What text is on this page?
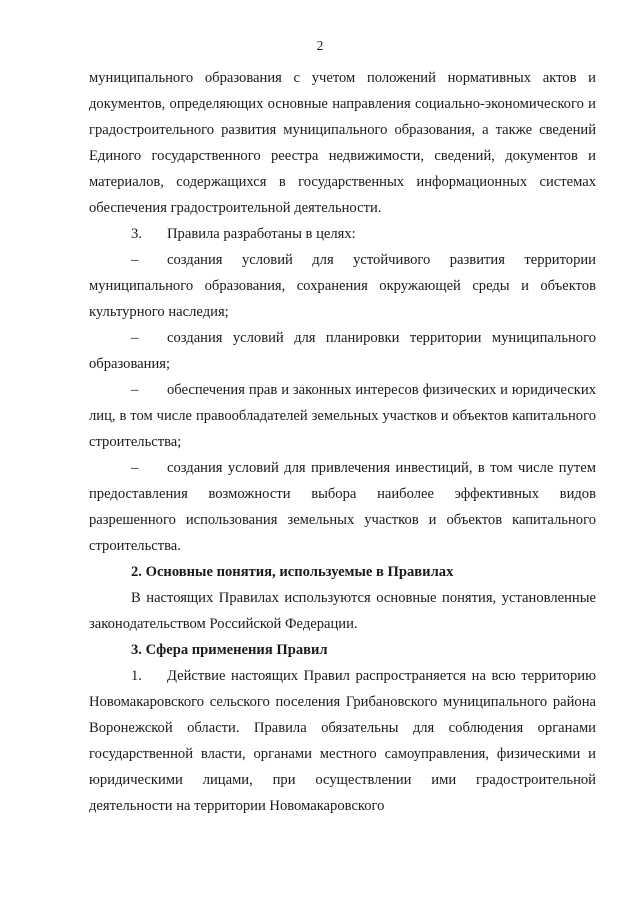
2

муниципального образования с учетом положений нормативных актов и документов, определяющих основные направления социально-экономического и градостроительного развития муниципального образования, а также сведений Единого государственного реестра недвижимости, сведений, документов и материалов, содержащихся в государственных информационных системах обеспечения градостроительной деятельности.

3. Правила разработаны в целях:

– создания условий для устойчивого развития территории муниципального образования, сохранения окружающей среды и объектов культурного наследия;

– создания условий для планировки территории муниципального образования;

– обеспечения прав и законных интересов физических и юридических лиц, в том числе правообладателей земельных участков и объектов капитального строительства;

– создания условий для привлечения инвестиций, в том числе путем предоставления возможности выбора наиболее эффективных видов разрешенного использования земельных участков и объектов капитального строительства.

2. Основные понятия, используемые в Правилах

В настоящих Правилах используются основные понятия, установленные законодательством Российской Федерации.

3. Сфера применения Правил

1. Действие настоящих Правил распространяется на всю территорию Новомакаровского сельского поселения Грибановского муниципального района Воронежской области. Правила обязательны для соблюдения органами государственной власти, органами местного самоуправления, физическими и юридическими лицами, при осуществлении ими градостроительной деятельности на территории Новомакаровского
